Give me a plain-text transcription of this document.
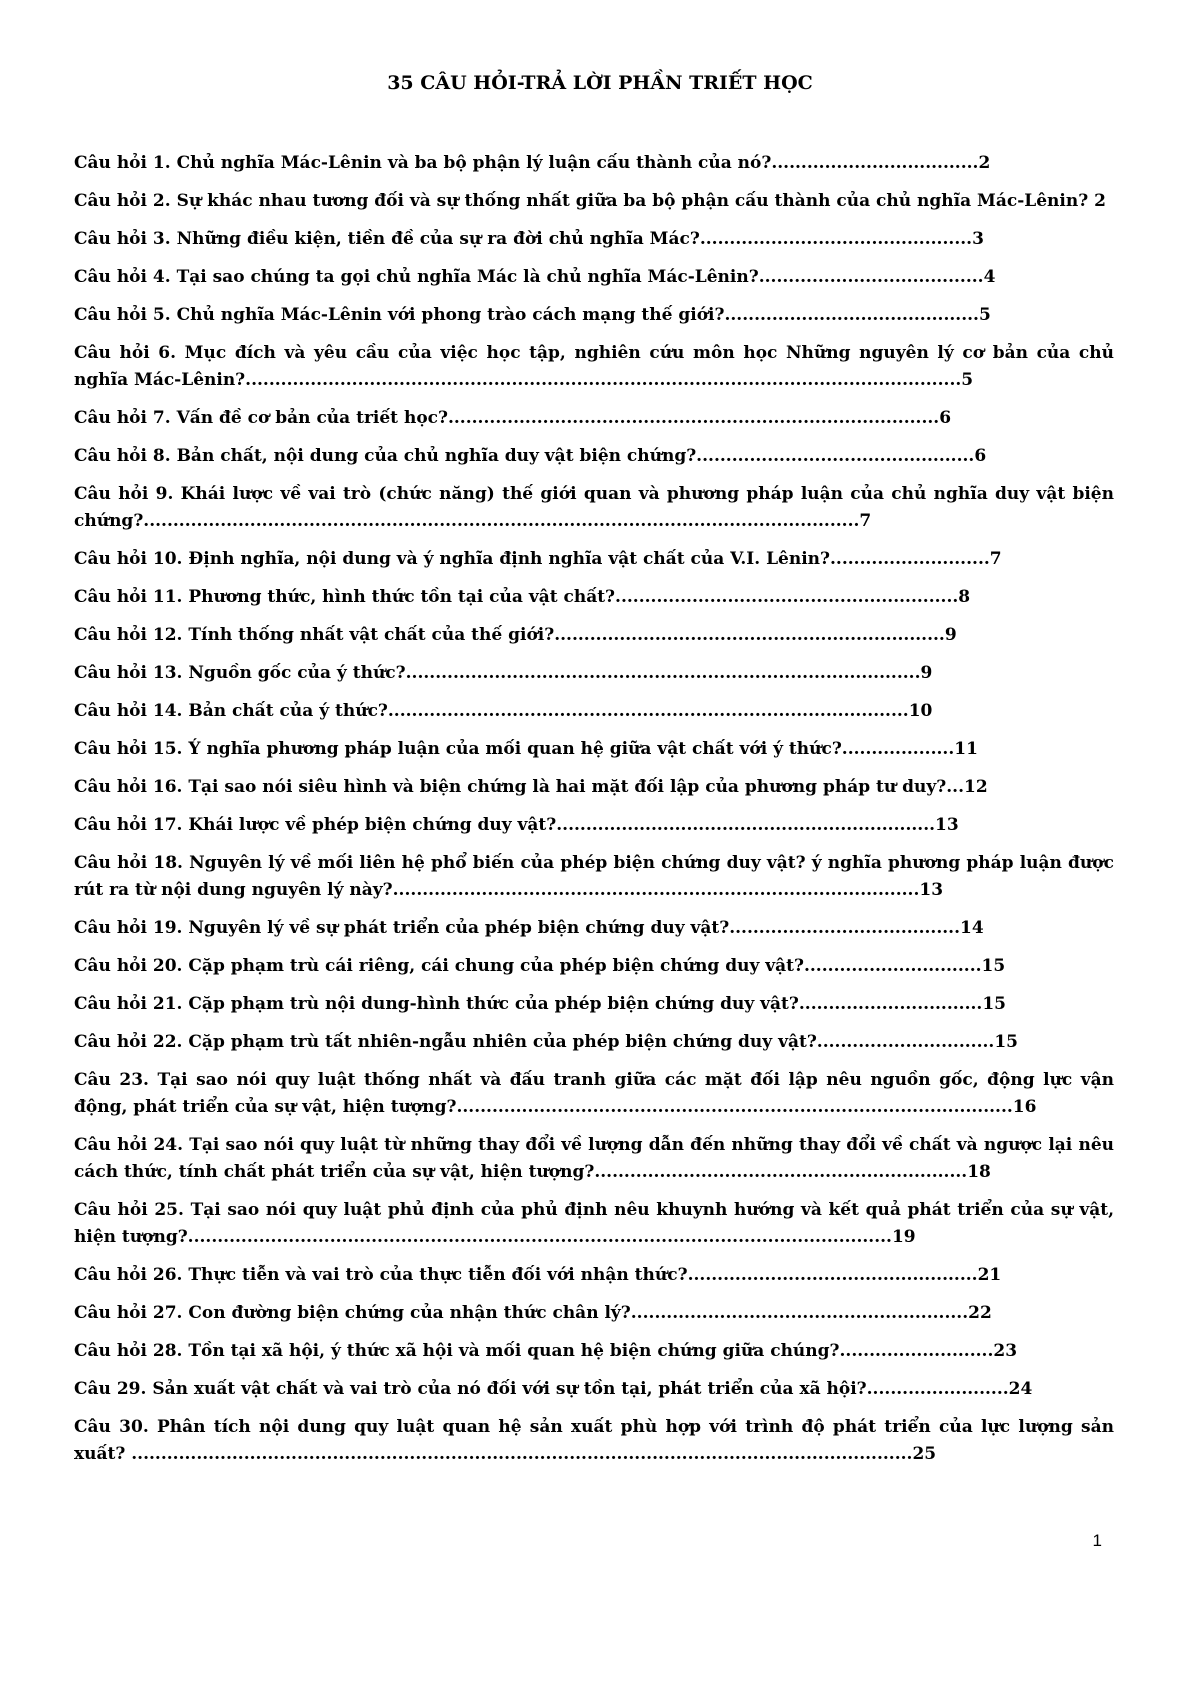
35 CÂU HỎI-TRẢ LỜI PHẦN TRIẾT HỌC
Câu hỏi 1. Chủ nghĩa Mác-Lênin và ba bộ phận lý luận cấu thành của nó?...................................2
Câu hỏi 2. Sự khác nhau tương đối và sự thống nhất giữa ba bộ phận cấu thành của chủ nghĩa Mác-Lênin? 2
Câu hỏi 3. Những điều kiện, tiền đề của sự ra đời chủ nghĩa Mác?..............................................3
Câu hỏi 4. Tại sao chúng ta gọi chủ nghĩa Mác là chủ nghĩa Mác-Lênin?......................................4
Câu hỏi 5. Chủ nghĩa Mác-Lênin với phong trào cách mạng thế giới?...........................................5
Câu hỏi 6. Mục đích và yêu cầu của việc học tập, nghiên cứu môn học Những nguyên lý cơ bản của chủ nghĩa Mác-Lênin?.........................................................................................................................5
Câu hỏi 7. Vấn đề cơ bản của triết học?...................................................................................6
Câu hỏi 8. Bản chất, nội dung của chủ nghĩa duy vật biện chứng?...............................................6
Câu hỏi 9. Khái lược về vai trò (chức năng) thế giới quan và phương pháp luận của chủ nghĩa duy vật biện chứng?.........................................................................................................................7
Câu hỏi 10. Định nghĩa, nội dung và ý nghĩa định nghĩa vật chất của V.I. Lênin?...........................7
Câu hỏi 11. Phương thức, hình thức tồn tại của vật chất?..........................................................8
Câu hỏi 12. Tính thống nhất vật chất của thế giới?..................................................................9
Câu hỏi 13. Nguồn gốc của ý thức?.......................................................................................9
Câu hỏi 14. Bản chất của ý thức?........................................................................................10
Câu hỏi 15. Ý nghĩa phương pháp luận của mối quan hệ giữa vật chất với ý thức?...................11
Câu hỏi 16. Tại sao nói siêu hình và biện chứng là hai mặt đối lập của phương pháp tư duy?...12
Câu hỏi 17. Khái lược về phép biện chứng duy vật?................................................................13
Câu hỏi 18. Nguyên lý về mối liên hệ phổ biến của phép biện chứng duy vật? ý nghĩa phương pháp luận được rút ra từ nội dung nguyên lý này?.........................................................................................13
Câu hỏi 19. Nguyên lý về sự phát triển của phép biện chứng duy vật?.......................................14
Câu hỏi 20. Cặp phạm trù cái riêng, cái chung của phép biện chứng duy vật?..............................15
Câu hỏi 21. Cặp phạm trù nội dung-hình thức của phép biện chứng duy vật?...............................15
Câu hỏi 22. Cặp phạm trù tất nhiên-ngẫu nhiên của phép biện chứng duy vật?..............................15
Câu 23. Tại sao nói quy luật thống nhất và đấu tranh giữa các mặt đối lập nêu nguồn gốc, động lực vận động, phát triển của sự vật, hiện tượng?..............................................................................................16
Câu hỏi 24. Tại sao nói quy luật từ những thay đổi về lượng dẫn đến những thay đổi về chất và ngược lại nêu cách thức, tính chất phát triển của sự vật, hiện tượng?...............................................................18
Câu hỏi 25. Tại sao nói quy luật phủ định của phủ định nêu khuynh hướng và kết quả phát triển của sự vật, hiện tượng?.......................................................................................................................19
Câu hỏi 26. Thực tiễn và vai trò của thực tiễn đối với nhận thức?.................................................21
Câu hỏi 27. Con đường biện chứng của nhận thức chân lý?.........................................................22
Câu hỏi 28. Tồn tại xã hội, ý thức xã hội và mối quan hệ biện chứng giữa chúng?..........................23
Câu 29. Sản xuất vật chất và vai trò của nó đối với sự tồn tại, phát triển của xã hội?........................24
Câu 30. Phân tích nội dung quy luật quan hệ sản xuất phù hợp với trình độ phát triển của lực lượng sản xuất? ....................................................................................................................................25
1
